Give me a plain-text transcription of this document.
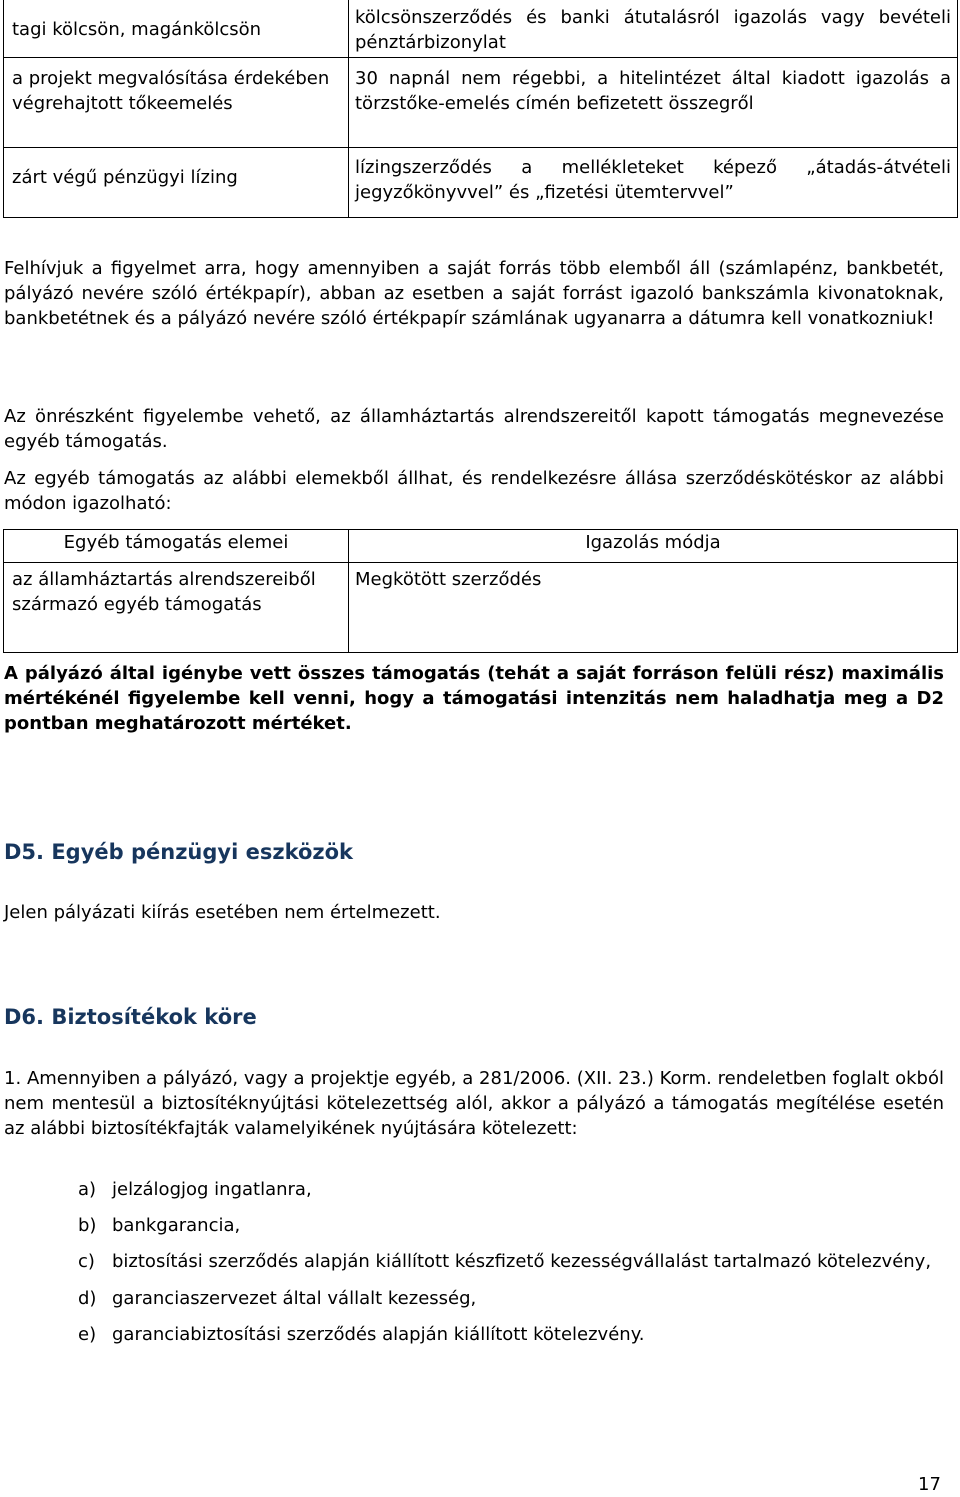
tagi kölcsön, magánkölcsön	kölcsönszerződés és banki átutalásról igazolás vagy bevételi pénztárbizonylat

a projekt megvalósítása érdekében végrehajtott tőkeemelés	30 napnál nem régebbi, a hitelintézet által kiadott igazolás a törzstőke-emelés címén befizetett összegről

zárt végű pénzügyi lízing	lízingszerződés a mellékleteket képező „átadás-átvételi jegyzőkönyvvel” és „fizetési ütemtervvel”
Felhívjuk a figyelmet arra, hogy amennyiben a saját forrás több elemből áll (számlapénz, bankbetét, pályázó nevére szóló értékpapír), abban az esetben a saját forrást igazoló bankszámla kivonatoknak, bankbetétnek és a pályázó nevére szóló értékpapír számlának ugyanarra a dátumra kell vonatkozniuk!
Az önrészként figyelembe vehető, az államháztartás alrendszereitől kapott támogatás megnevezése egyéb támogatás.
Az egyéb támogatás az alábbi elemekből állhat, és rendelkezésre állása szerződéskötéskor az alábbi módon igazolható:
Egyéb támogatás elemei	Igazolás módja

az államháztartás alrendszereiből származó egyéb támogatás	Megkötött szerződés
A pályázó által igénybe vett összes támogatás (tehát a saját forráson felüli rész) maximális mértékénél figyelembe kell venni, hogy a támogatási intenzitás nem haladhatja meg a D2 pontban meghatározott mértéket.
D5. Egyéb pénzügyi eszközök
Jelen pályázati kiírás esetében nem értelmezett.
D6. Biztosítékok köre
1. Amennyiben a pályázó, vagy a projektje egyéb, a 281/2006. (XII. 23.) Korm. rendeletben foglalt okból nem mentesül a biztosítéknyújtási kötelezettség alól, akkor a pályázó a támogatás megítélése esetén az alábbi biztosítékfajták valamelyikének nyújtására kötelezett:
a) jelzálogjog ingatlanra,
b) bankgarancia,
c) biztosítási szerződés alapján kiállított készfizető kezességvállalást tartalmazó kötelezvény,
d) garanciaszervezet által vállalt kezesség,
e) garanciabiztosítási szerződés alapján kiállított kötelezvény.
17
